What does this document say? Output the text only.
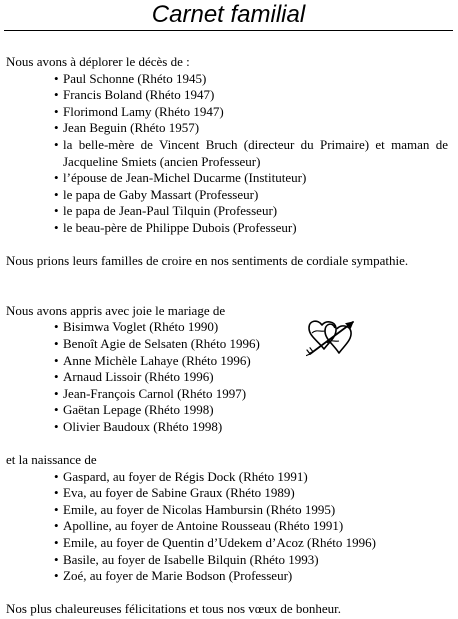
Carnet familial

Nous avons à déplorer le décès de :

• Paul Schonne (Rhéto 1945)
• Francis Boland (Rhéto 1947)
• Florimond Lamy (Rhéto 1947)
• Jean Beguin (Rhéto 1957)
• la belle-mère de Vincent Bruch (directeur du Primaire) et maman de Jacqueline Smiets (ancien Professeur)
• l’épouse de Jean-Michel Ducarme (Instituteur)
• le papa de Gaby Massart (Professeur)
• le papa de Jean-Paul Tilquin (Professeur)
• le beau-père de Philippe Dubois (Professeur)

Nous prions leurs familles de croire en nos sentiments de cordiale sympathie.

Nous avons appris avec joie le mariage de

• Bisimwa Voglet (Rhéto 1990)
• Benoît Agie de Selsaten (Rhéto 1996)
• Anne Michèle Lahaye (Rhéto 1996)
• Arnaud Lissoir (Rhéto 1996)
• Jean-François Carnol (Rhéto 1997)
• Gaëtan Lepage (Rhéto 1998)
• Olivier Baudoux (Rhéto 1998)

et la naissance de

• Gaspard, au foyer de Régis Dock (Rhéto 1991)
• Eva, au foyer de Sabine Graux (Rhéto 1989)
• Emile, au foyer de Nicolas Hambursin (Rhéto 1995)
• Apolline, au foyer de Antoine Rousseau (Rhéto 1991)
• Emile, au foyer de Quentin d’Udekem d’Acoz (Rhéto 1996)
• Basile, au foyer de Isabelle Bilquin (Rhéto 1993)
• Zoé, au foyer de Marie Bodson (Professeur)

Nos plus chaleureuses félicitations et tous nos vœux de bonheur.
